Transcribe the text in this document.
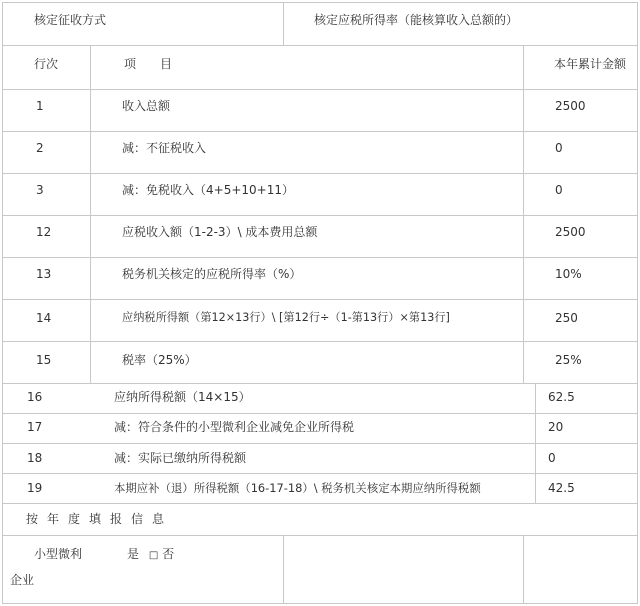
核定征收方式	核定应税所得率（能核算收入总额的）
行次	项　　目	本年累计金额
1	收入总额	2500
2	减：不征税收入	0
3	减：免税收入（4+5+10+11）	0
12	应税收入额（1-2-3）\ 成本费用总额	2500
13	税务机关核定的应税所得率（%）	10%
14	应纳税所得额（第12×13行）\ [第12行÷（1-第13行）×第13行]	250
15	税率（25%）	25%
16	应纳所得税额（14×15）	62.5
17	减：符合条件的小型微利企业减免企业所得税	20
18	减：实际已缴纳所得税额	0
19	本期应补（退）所得税额（16-17-18）\ 税务机关核定本期应纳所得税额	42.5
按年度填报信息
小型微利
企业
是 □ 否
